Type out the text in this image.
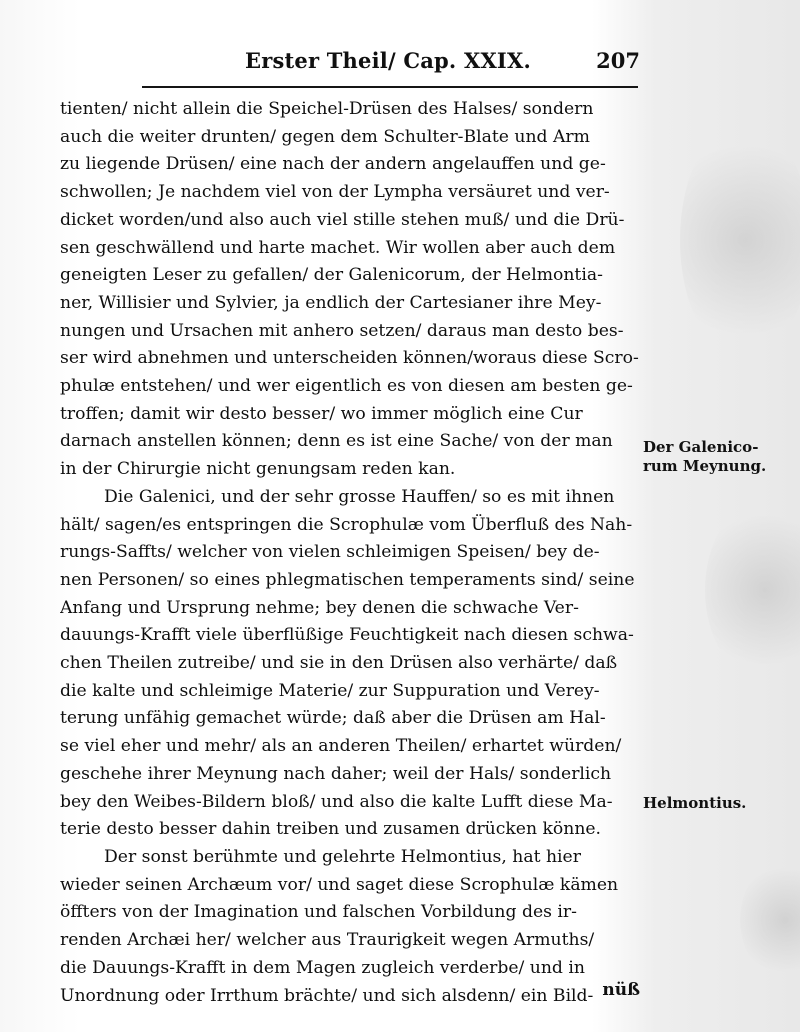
Erster Theil/ Cap. XXIX.	207
tienten/ nicht allein die Speichel-Drüsen des Halses/ sondern
auch die weiter drunten/ gegen dem Schulter-Blate und Arm
zu liegende Drüsen/ eine nach der andern angelauffen und ge-
schwollen; Je nachdem viel von der Lympha versäuret und ver-
dicket worden/und also auch viel stille stehen muß/ und die Drü-
sen geschwällend und harte machet. Wir wollen aber auch dem
geneigten Leser zu gefallen/ der Galenicorum, der Helmontia-
ner, Willisier und Sylvier, ja endlich der Cartesianer ihre Mey-
nungen und Ursachen mit anhero setzen/ daraus man desto bes-
ser wird abnehmen und unterscheiden können/woraus diese Scro-
phulæ entstehen/ und wer eigentlich es von diesen am besten ge-
troffen; damit wir desto besser/ wo immer möglich eine Cur
darnach anstellen können; denn es ist eine Sache/ von der man
in der Chirurgie nicht genungsam reden kan.
Die Galenici, und der sehr grosse Hauffen/ so es mit ihnen
hält/ sagen/es entspringen die Scrophulæ vom Überfluß des Nah-
rungs-Saffts/ welcher von vielen schleimigen Speisen/ bey de-
nen Personen/ so eines phlegmatischen temperaments sind/ seine
Anfang und Ursprung nehme; bey denen die schwache Ver-
dauungs-Krafft viele überflüßige Feuchtigkeit nach diesen schwa-
chen Theilen zutreibe/ und sie in den Drüsen also verhärte/ daß
die kalte und schleimige Materie/ zur Suppuration und Verey-
terung unfähig gemachet würde; daß aber die Drüsen am Hal-
se viel eher und mehr/ als an anderen Theilen/ erhartet würden/
geschehe ihrer Meynung nach daher; weil der Hals/ sonderlich
bey den Weibes-Bildern bloß/ und also die kalte Lufft diese Ma-
terie desto besser dahin treiben und zusamen drücken könne.
Der sonst berühmte und gelehrte Helmontius, hat hier
wieder seinen Archæum vor/ und saget diese Scrophulæ kämen
öffters von der Imagination und falschen Vorbildung des ir-
renden Archæi her/ welcher aus Traurigkeit wegen Armuths/
die Dauungs-Krafft in dem Magen zugleich verderbe/ und in
Unordnung oder Irrthum brächte/ und sich alsdenn/ ein Bild-
Der Galenico-
rum Meynung.
Helmontius.
nüß
